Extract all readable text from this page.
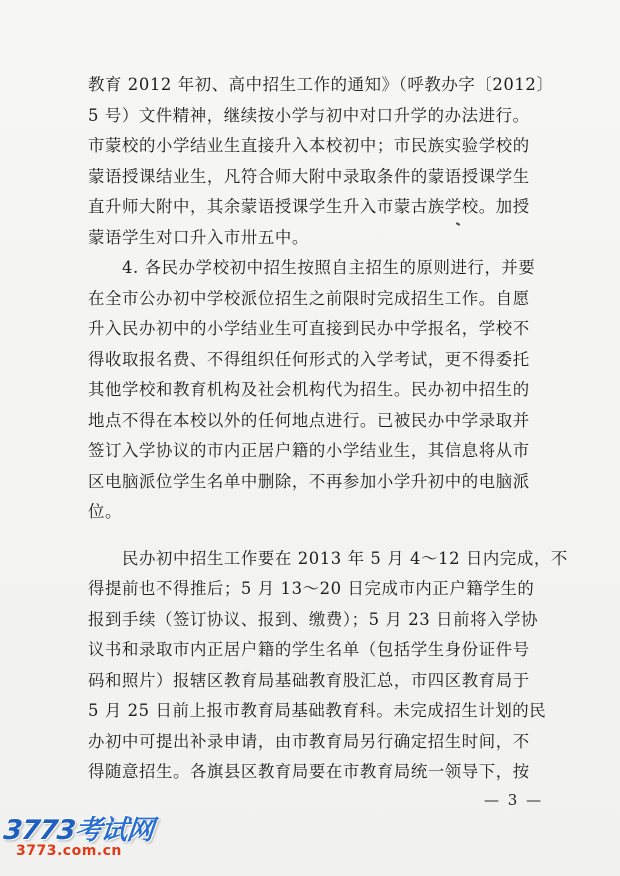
教育 2012 年初、高中招生工作的通知》（呼教办字〔2012〕
5 号）文件精神，继续按小学与初中对口升学的办法进行。
市蒙校的小学结业生直接升入本校初中；市民族实验学校的
蒙语授课结业生，凡符合师大附中录取条件的蒙语授课学生
直升师大附中，其余蒙语授课学生升入市蒙古族学校。加授
蒙语学生对口升入市卅五中。
　　4. 各民办学校初中招生按照自主招生的原则进行，并要
在全市公办初中学校派位招生之前限时完成招生工作。自愿
升入民办初中的小学结业生可直接到民办中学报名，学校不
得收取报名费、不得组织任何形式的入学考试，更不得委托
其他学校和教育机构及社会机构代为招生。民办初中招生的
地点不得在本校以外的任何地点进行。已被民办中学录取并
签订入学协议的市内正居户籍的小学结业生，其信息将从市
区电脑派位学生名单中删除，不再参加小学升初中的电脑派
位。
　　民办初中招生工作要在 2013 年 5 月 4～12 日内完成，不
得提前也不得推后；5 月 13～20 日完成市内正户籍学生的
报到手续（签订协议、报到、缴费）；5 月 23 日前将入学协
议书和录取市内正居户籍的学生名单（包括学生身份证件号
码和照片）报辖区教育局基础教育股汇总，市四区教育局于
5 月 25 日前上报市教育局基础教育科。未完成招生计划的民
办初中可提出补录申请，由市教育局另行确定招生时间，不
得随意招生。各旗县区教育局要在市教育局统一领导下，按
— 3 —
3773考试网
3773.com.cn
